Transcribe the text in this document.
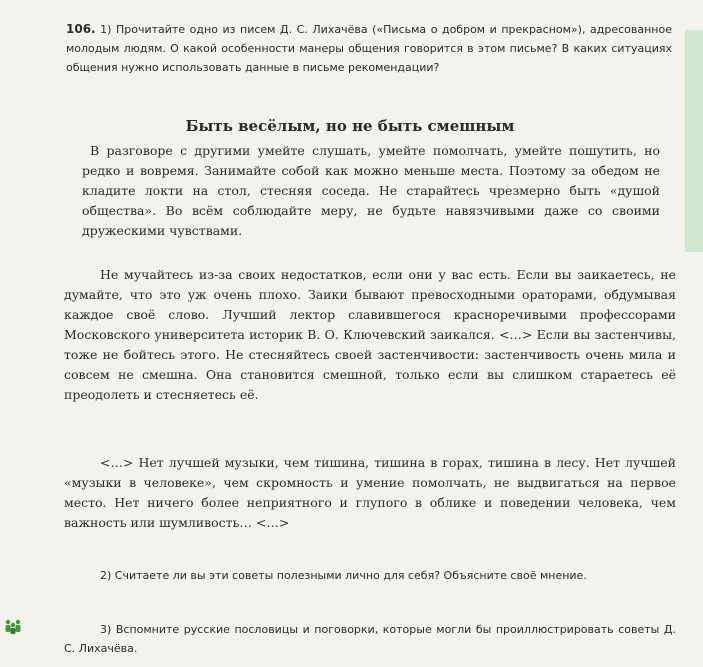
106. 1) Прочитайте одно из писем Д. С. Лихачёва («Письма о добром и прекрасном»), адресованное молодым людям. О какой особенности манеры общения говорится в этом письме? В каких ситуациях общения нужно использовать данные в письме рекомендации?
Быть весёлым, но не быть смешным

В разговоре с другими умейте слушать, умейте помолчать, умейте пошутить, но редко и вовремя. Занимайте собой как можно меньше места. Поэтому за обедом не кладите локти на стол, стесняя соседа. Не старайтесь чрезмерно быть «душой общества». Во всём соблюдайте меру, не будьте навязчивыми даже со своими дружескими чувствами.

Не мучайтесь из-за своих недостатков, если они у вас есть. Если вы заикаетесь, не думайте, что это уж очень плохо. Заики бывают превосходными ораторами, обдумывая каждое своё слово. Лучший лектор славившегося красноречивыми профессорами Московского университета историк В. О. Ключевский заикался. <…> Если вы застенчивы, тоже не бойтесь этого. Не стесняйтесь своей застенчивости: застенчивость очень мила и совсем не смешна. Она становится смешной, только если вы слишком стараетесь её преодолеть и стесняетесь её.

<…> Нет лучшей музыки, чем тишина, тишина в горах, тишина в лесу. Нет лучшей «музыки в человеке», чем скромность и умение помолчать, не выдвигаться на первое место. Нет ничего более неприятного и глупого в облике и поведении человека, чем важность или шумливость… <…>

2) Считаете ли вы эти советы полезными лично для себя? Объясните своё мнение.

3) Вспомните русские пословицы и поговорки, которые могли бы проиллюстрировать советы Д. С. Лихачёва.
